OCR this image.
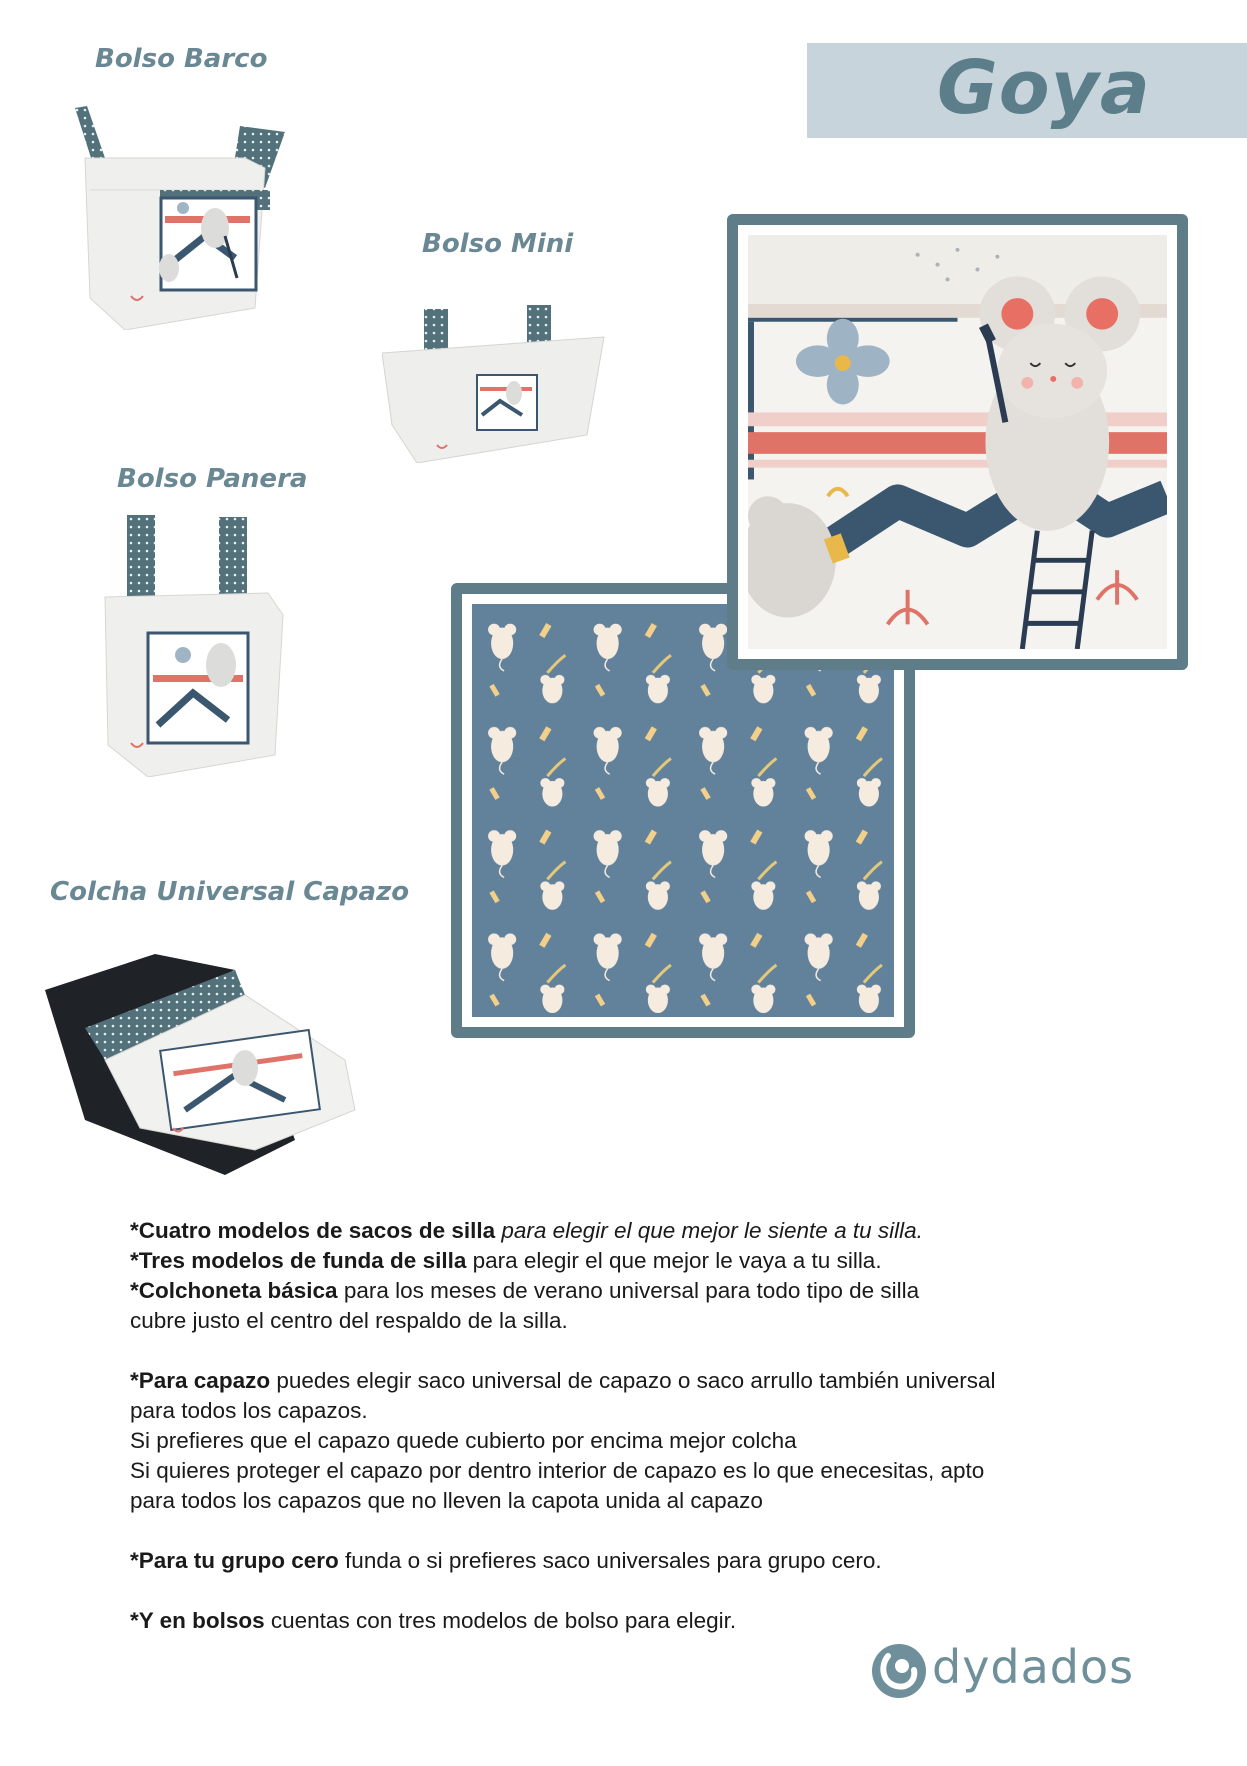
Goya
Bolso Barco
Bolso Mini
Bolso Panera
Colcha Universal Capazo

*Cuatro modelos de sacos de silla para elegir el que mejor le siente a tu silla.

*Tres modelos de funda de silla para elegir el que mejor le vaya a tu silla.

*Colchoneta básica para los meses de verano universal para todo tipo de silla

cubre justo el centro del respaldo de la silla.

*Para capazo puedes elegir saco universal de capazo o saco arrullo también universal

para todos los capazos.

Si prefieres que el capazo quede cubierto por encima mejor colcha

Si quieres proteger el capazo por dentro interior de capazo es lo que enecesitas, apto

para todos los capazos que no lleven la capota unida al capazo

*Para tu grupo cero funda o si prefieres saco universales para grupo cero.

*Y en bolsos cuentas con tres modelos de bolso para elegir.

dydados
